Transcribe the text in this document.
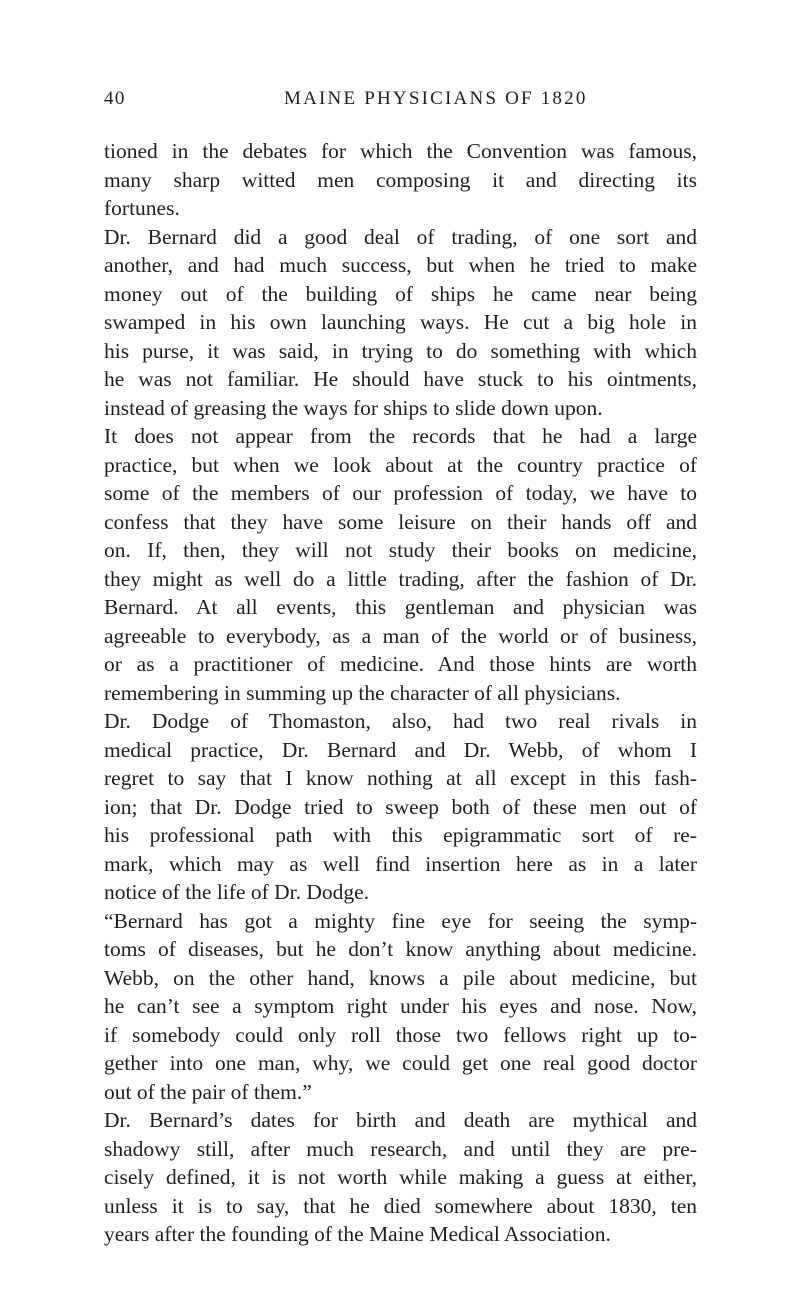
40	MAINE PHYSICIANS OF 1820
tioned in the debates for which the Convention was famous,
many sharp witted men composing it and directing its
fortunes.
Dr. Bernard did a good deal of trading, of one sort and
another, and had much success, but when he tried to make
money out of the building of ships he came near being
swamped in his own launching ways. He cut a big hole in
his purse, it was said, in trying to do something with which
he was not familiar. He should have stuck to his ointments,
instead of greasing the ways for ships to slide down upon.
It does not appear from the records that he had a large
practice, but when we look about at the country practice of
some of the members of our profession of today, we have to
confess that they have some leisure on their hands off and
on. If, then, they will not study their books on medicine,
they might as well do a little trading, after the fashion of Dr.
Bernard. At all events, this gentleman and physician was
agreeable to everybody, as a man of the world or of business,
or as a practitioner of medicine. And those hints are worth
remembering in summing up the character of all physicians.
Dr. Dodge of Thomaston, also, had two real rivals in
medical practice, Dr. Bernard and Dr. Webb, of whom I
regret to say that I know nothing at all except in this fash-
ion; that Dr. Dodge tried to sweep both of these men out of
his professional path with this epigrammatic sort of re-
mark, which may as well find insertion here as in a later
notice of the life of Dr. Dodge.
“Bernard has got a mighty fine eye for seeing the symp-
toms of diseases, but he don’t know anything about medicine.
Webb, on the other hand, knows a pile about medicine, but
he can’t see a symptom right under his eyes and nose. Now,
if somebody could only roll those two fellows right up to-
gether into one man, why, we could get one real good doctor
out of the pair of them.”
Dr. Bernard’s dates for birth and death are mythical and
shadowy still, after much research, and until they are pre-
cisely defined, it is not worth while making a guess at either,
unless it is to say, that he died somewhere about 1830, ten
years after the founding of the Maine Medical Association.
